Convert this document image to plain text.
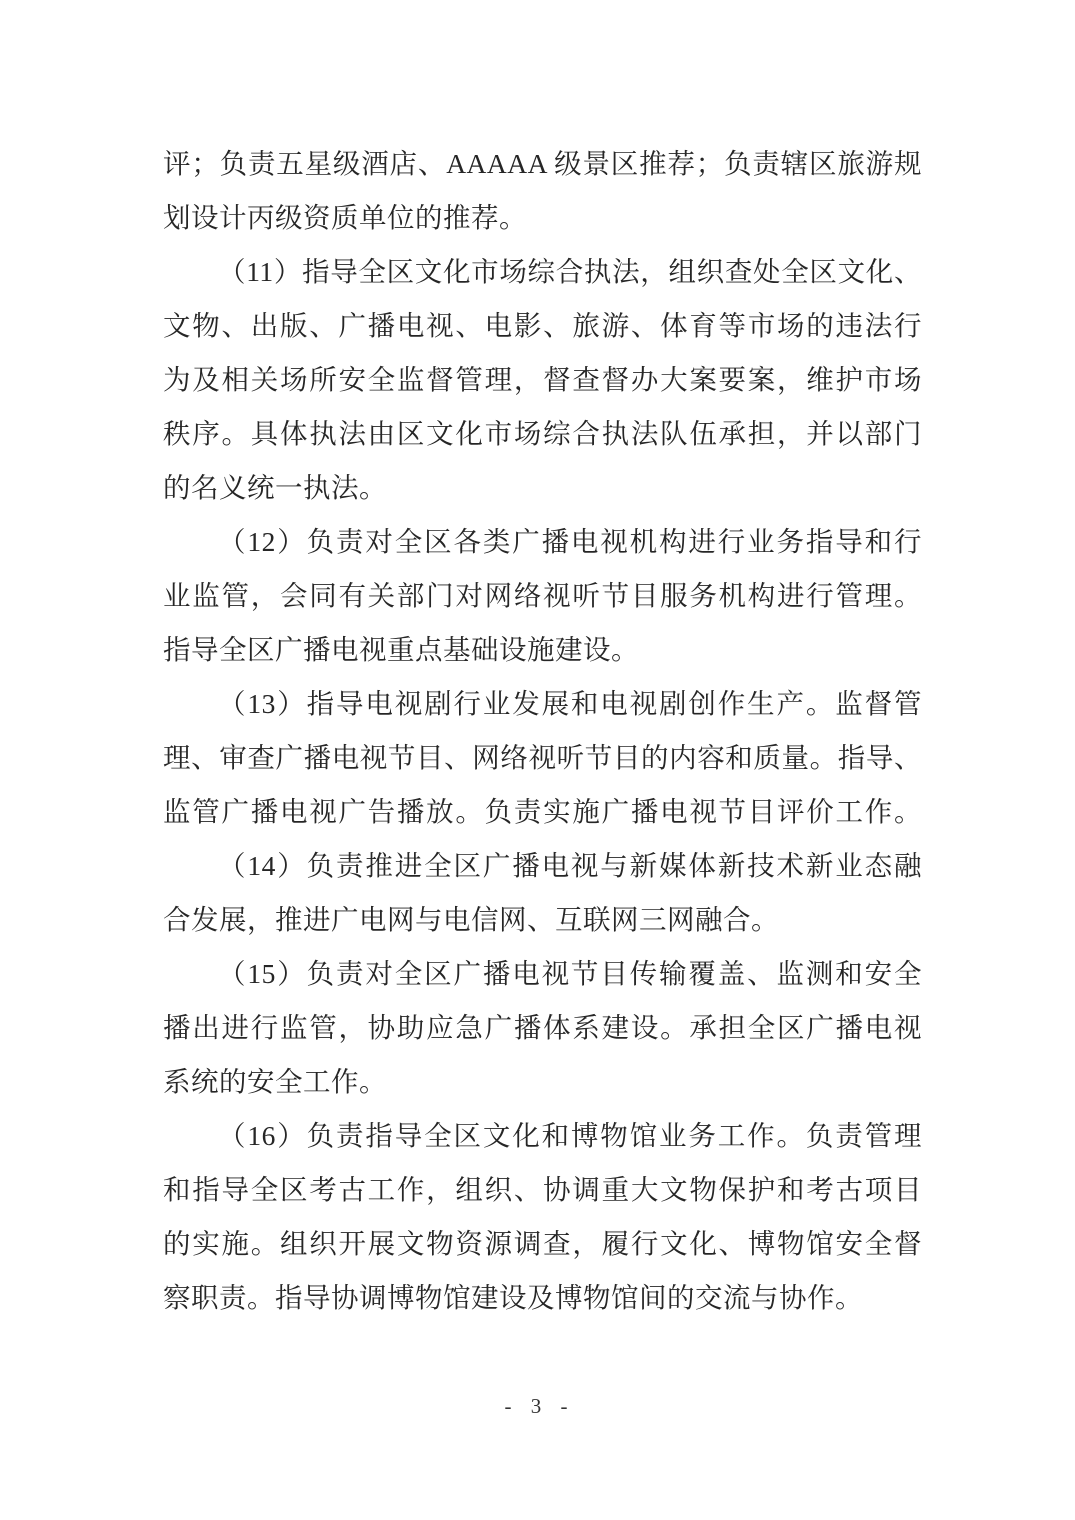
评；负责五星级酒店、AAAAA 级景区推荐；负责辖区旅游规
划设计丙级资质单位的推荐。
（11）指导全区文化市场综合执法，组织查处全区文化、
文物、出版、广播电视、电影、旅游、体育等市场的违法行
为及相关场所安全监督管理，督查督办大案要案，维护市场
秩序。具体执法由区文化市场综合执法队伍承担，并以部门
的名义统一执法。
（12）负责对全区各类广播电视机构进行业务指导和行
业监管，会同有关部门对网络视听节目服务机构进行管理。
指导全区广播电视重点基础设施建设。
（13）指导电视剧行业发展和电视剧创作生产。监督管
理、审查广播电视节目、网络视听节目的内容和质量。指导、
监管广播电视广告播放。负责实施广播电视节目评价工作。
（14）负责推进全区广播电视与新媒体新技术新业态融
合发展，推进广电网与电信网、互联网三网融合。
（15）负责对全区广播电视节目传输覆盖、监测和安全
播出进行监管，协助应急广播体系建设。承担全区广播电视
系统的安全工作。
（16）负责指导全区文化和博物馆业务工作。负责管理
和指导全区考古工作，组织、协调重大文物保护和考古项目
的实施。组织开展文物资源调查，履行文化、博物馆安全督
察职责。指导协调博物馆建设及博物馆间的交流与协作。
- 3 -
